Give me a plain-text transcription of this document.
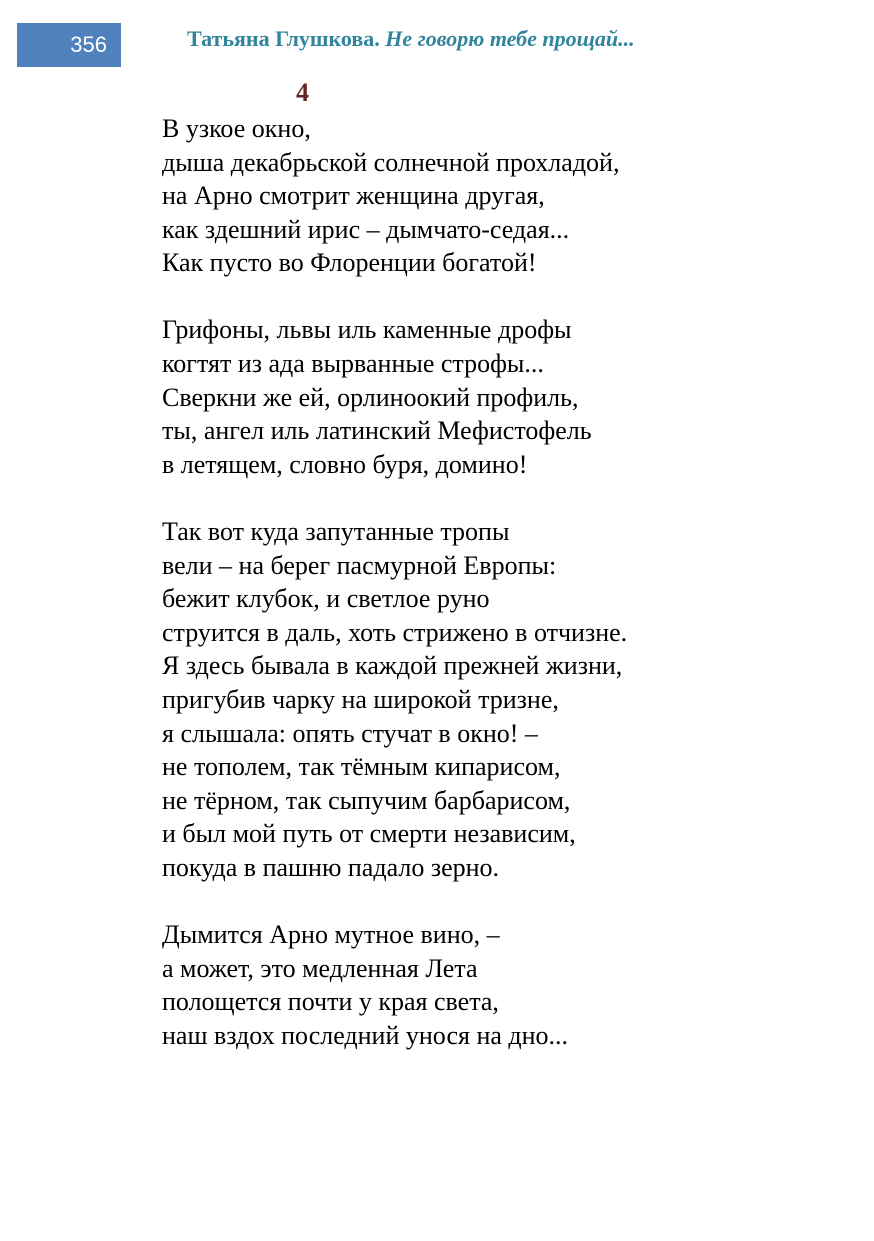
356	Татьяна Глушкова. Не говорю тебе прощай...
4
В узкое окно,
дыша декабрьской солнечной прохладой,
на Арно смотрит женщина другая,
как здешний ирис – дымчато-седая...
Как пусто во Флоренции богатой!
Грифоны, львы иль каменные дрофы
когтят из ада вырванные строфы...
Сверкни же ей, орлиноокий профиль,
ты, ангел иль латинский Мефистофель
в летящем, словно буря, домино!
Так вот куда запутанные тропы
вели – на берег пасмурной Европы:
бежит клубок, и светлое руно
струится в даль, хоть стрижено в отчизне.
Я здесь бывала в каждой прежней жизни,
пригубив чарку на широкой тризне,
я слышала: опять стучат в окно! –
не тополем, так тёмным кипарисом,
не тёрном, так сыпучим барбарисом,
и был мой путь от смерти независим,
покуда в пашню падало зерно.
Дымится Арно мутное вино, –
а может, это медленная Лета
полощется почти у края света,
наш вздох последний унося на дно...
